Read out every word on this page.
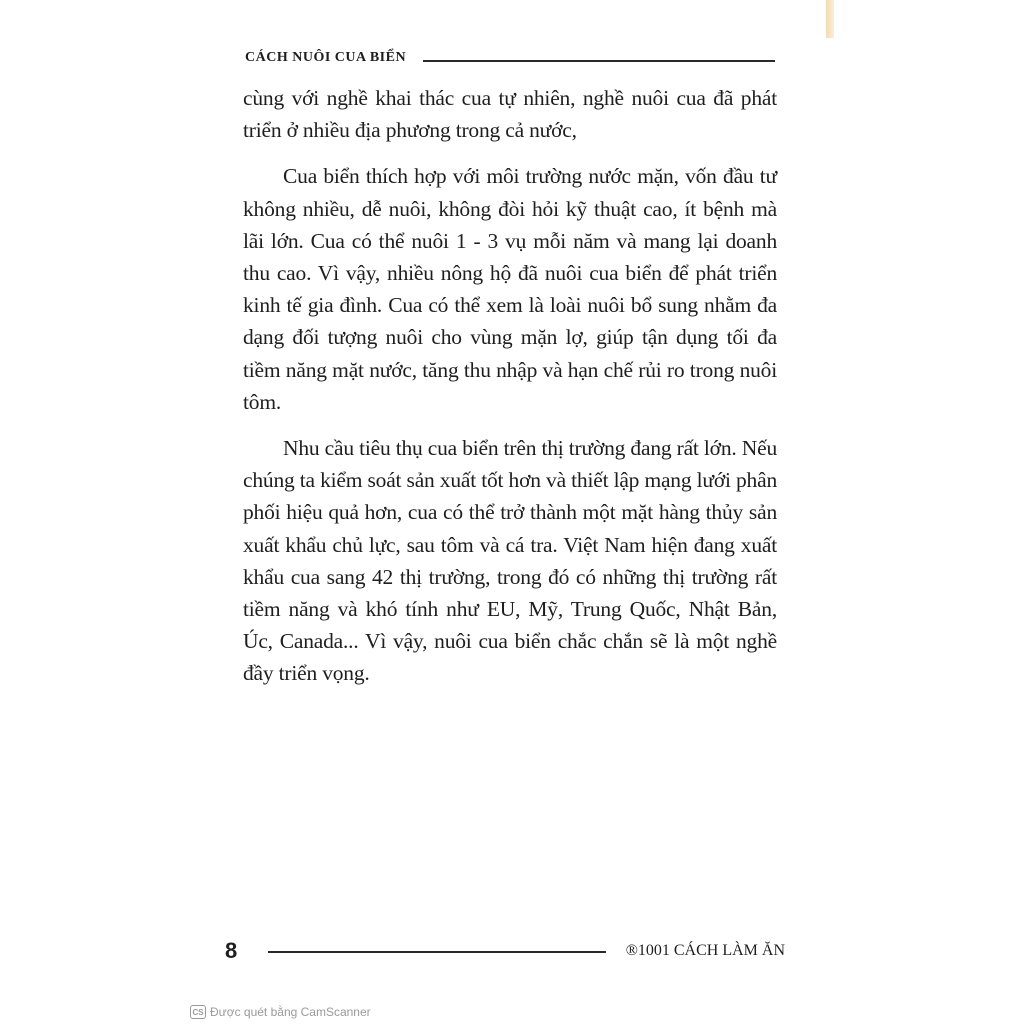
CÁCH NUÔI CUA BIỂN

cùng với nghề khai thác cua tự nhiên, nghề nuôi cua đã phát triển ở nhiều địa phương trong cả nước,

Cua biển thích hợp với môi trường nước mặn, vốn đầu tư không nhiều, dễ nuôi, không đòi hỏi kỹ thuật cao, ít bệnh mà lãi lớn. Cua có thể nuôi 1 - 3 vụ mỗi năm và mang lại doanh thu cao. Vì vậy, nhiều nông hộ đã nuôi cua biển để phát triển kinh tế gia đình. Cua có thể xem là loài nuôi bổ sung nhằm đa dạng đối tượng nuôi cho vùng mặn lợ, giúp tận dụng tối đa tiềm năng mặt nước, tăng thu nhập và hạn chế rủi ro trong nuôi tôm.

Nhu cầu tiêu thụ cua biển trên thị trường đang rất lớn. Nếu chúng ta kiểm soát sản xuất tốt hơn và thiết lập mạng lưới phân phối hiệu quả hơn, cua có thể trở thành một mặt hàng thủy sản xuất khẩu chủ lực, sau tôm và cá tra. Việt Nam hiện đang xuất khẩu cua sang 42 thị trường, trong đó có những thị trường rất tiềm năng và khó tính như EU, Mỹ, Trung Quốc, Nhật Bản, Úc, Canada... Vì vậy, nuôi cua biển chắc chắn sẽ là một nghề đầy triển vọng.

8	®1001 CÁCH LÀM ĂN
CS Được quét bằng CamScanner
